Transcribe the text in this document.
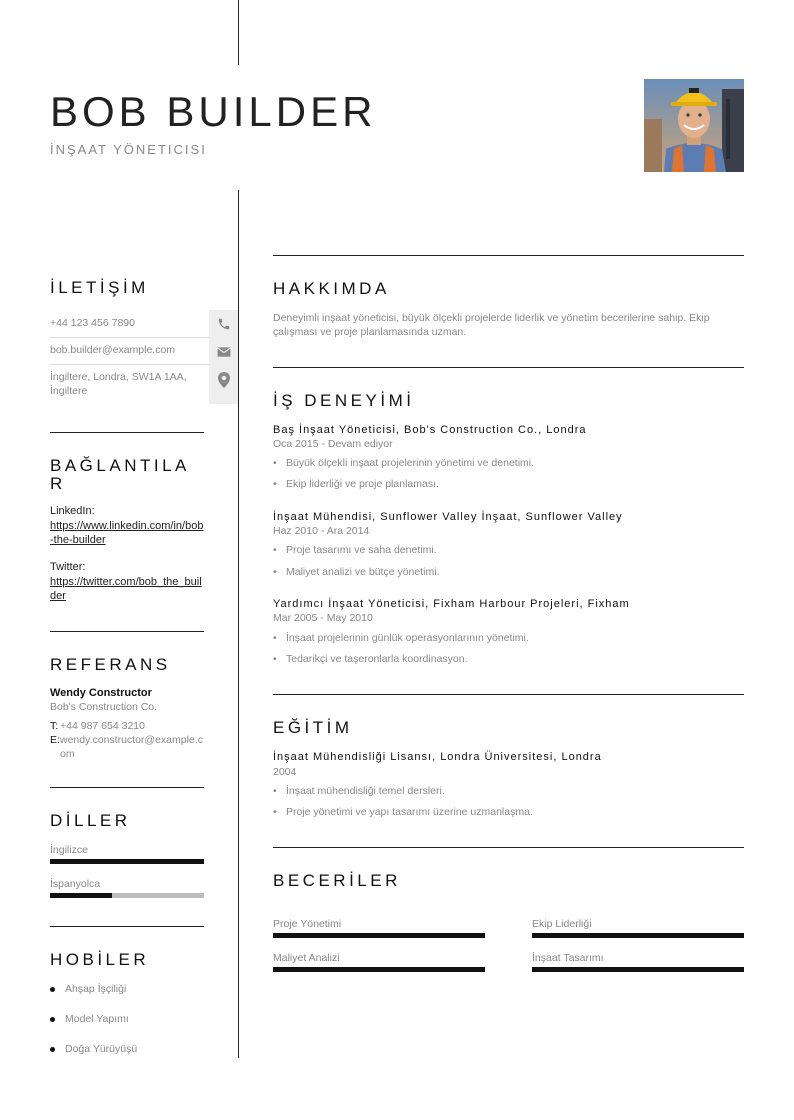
BOB BUILDER
İNŞAAT YÖNETICISI
İLETİŞİM
+44 123 456 7890
bob.builder@example.com
İngiltere, Londra, SW1A 1AA, İngiltere
BAĞLANTILA
R
LinkedIn:
https://www.linkedin.com/in/bob-the-builder
Twitter:
https://twitter.com/bob_the_builder
REFERANS
Wendy Constructor
Bob's Construction Co.
T: +44 987 654 3210
E: wendy.constructor@example.com
DİLLER
İngilizce
İspanyolca
HOBİLER
Ahşap İşçiliği
Model Yapımı
Doğa Yürüyüşü
HAKKIMDA
Deneyimli inşaat yöneticisi, büyük ölçekli projelerde liderlik ve yönetim becerilerine sahip. Ekip çalışması ve proje planlamasında uzman.
İŞ DENEYİMİ
Baş İnşaat Yöneticisi, Bob's Construction Co., Londra
Oca 2015 - Devam ediyor
• Büyük ölçekli inşaat projelerinin yönetimi ve denetimi.
• Ekip liderliği ve proje planlaması.
İnşaat Mühendisi, Sunflower Valley İnşaat, Sunflower Valley
Haz 2010 - Ara 2014
• Proje tasarımı ve saha denetimi.
• Maliyet analizi ve bütçe yönetimi.
Yardımcı İnşaat Yöneticisi, Fixham Harbour Projeleri, Fixham
Mar 2005 - May 2010
• İnşaat projelerinin günlük operasyonlarının yönetimi.
• Tedarikçi ve taşeronlarla koordinasyon.
EĞİTİM
İnşaat Mühendisliği Lisansı, Londra Üniversitesi, Londra
2004
• İnşaat mühendisliği temel dersleri.
• Proje yönetimi ve yapı tasarımı üzerine uzmanlaşma.
BECERİLER
Proje Yönetimi	Ekip Liderliği
Maliyet Analizi	İnşaat Tasarımı
